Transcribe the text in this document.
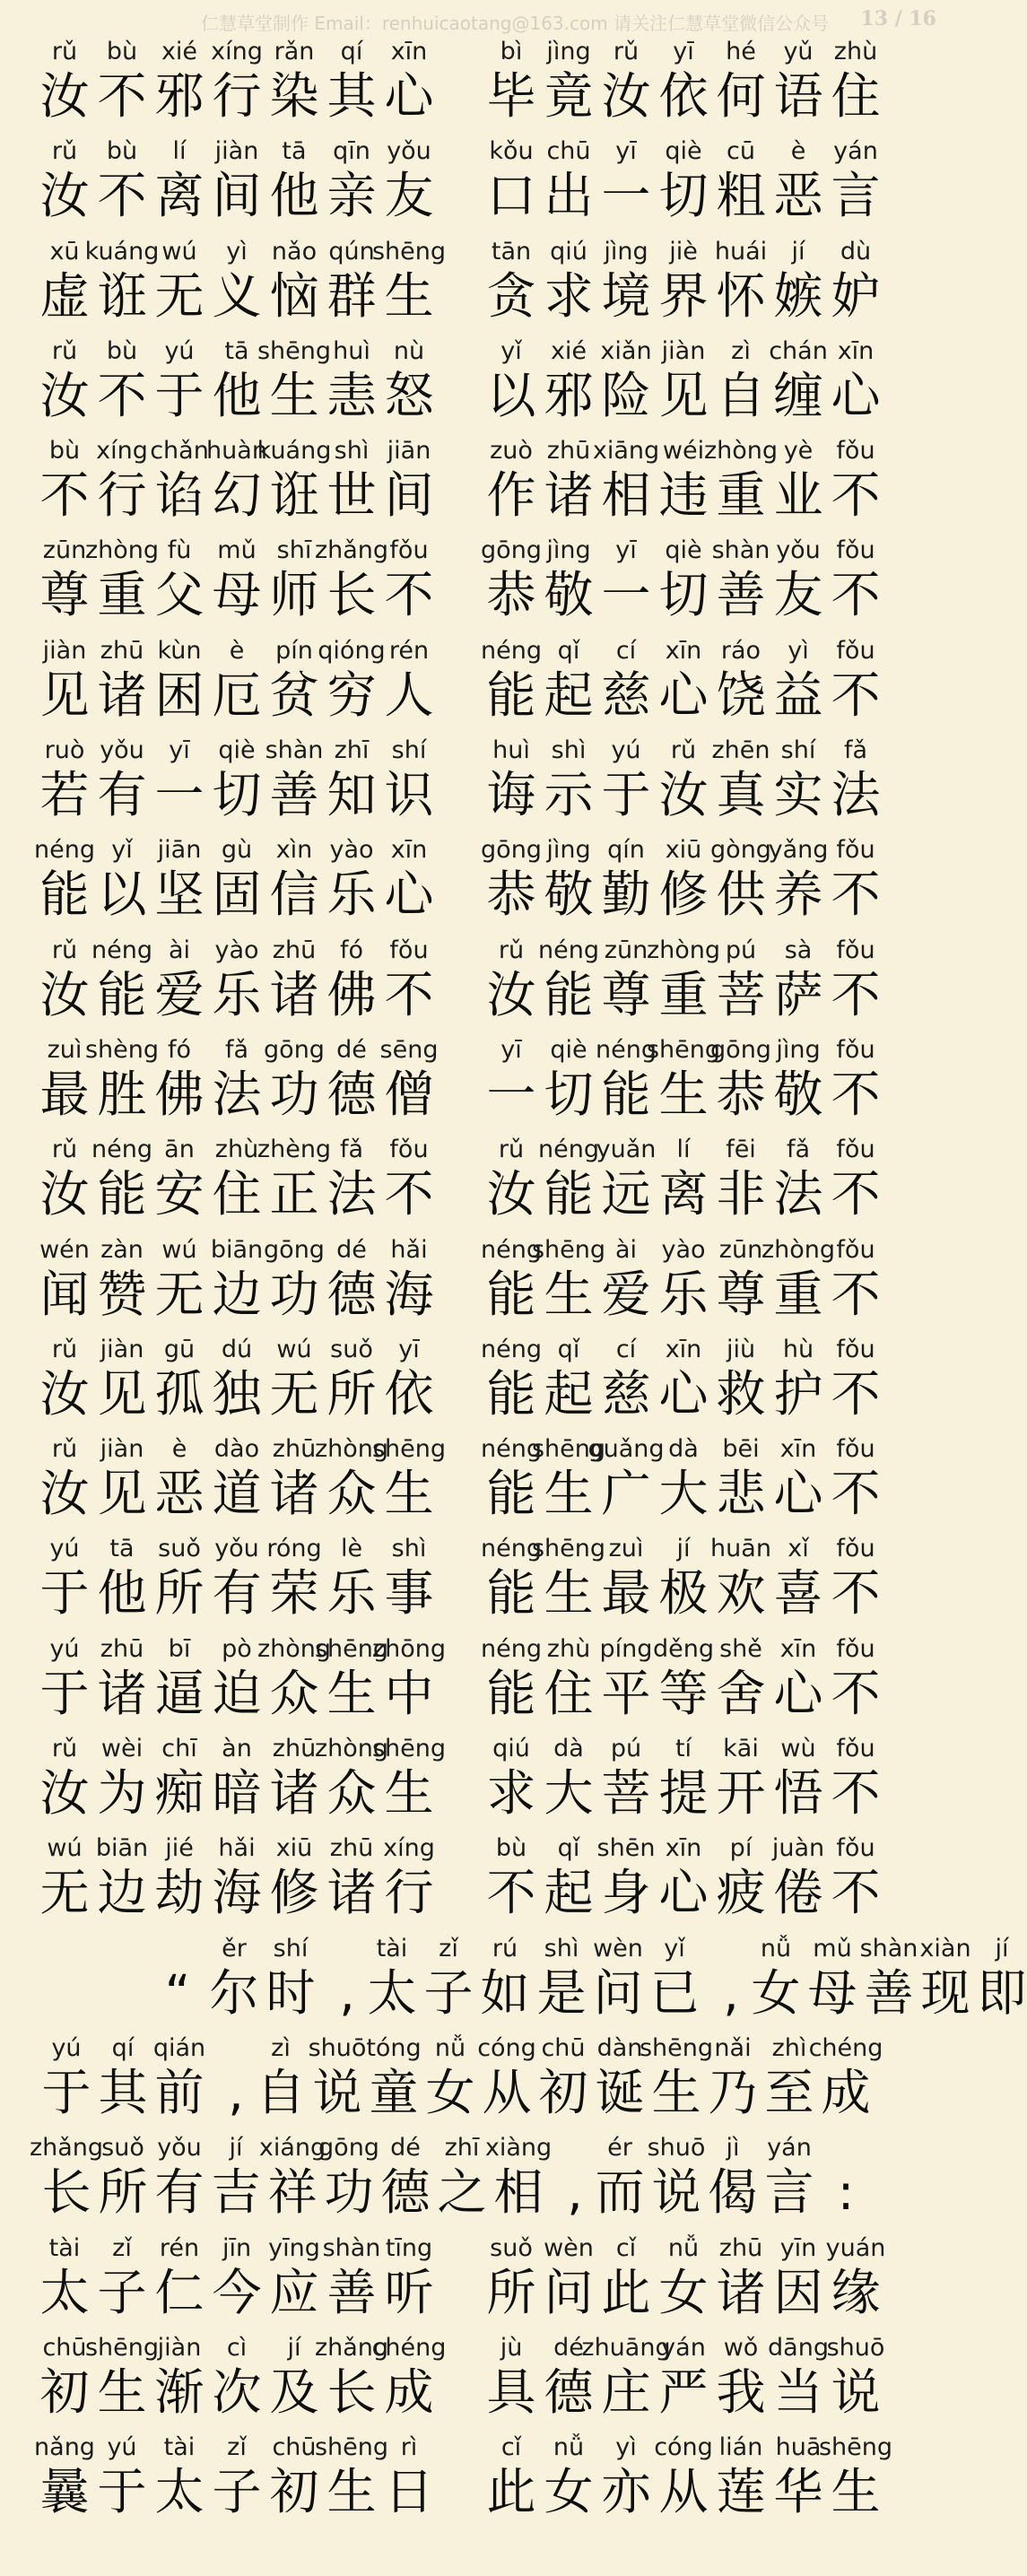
仁慧草堂制作 Email：renhuicaotang@163.com 请关注仁慧草堂微信公众号 13 / 16
rǔ
汝
bù
不
xié
邪
xíng
行
rǎn
染
qí
其
xīn
心
bì
毕
jìng
竟
rǔ
汝
yī
依
hé
何
yǔ
语
zhù
住
rǔ
汝
bù
不
lí
离
jiàn
间
tā
他
qīn
亲
yǒu
友
kǒu
口
chū
出
yī
一
qiè
切
cū
粗
è
恶
yán
言
xū
虚
kuáng
诳
wú
无
yì
义
nǎo
恼
qún
群
shēng
生
tān
贪
qiú
求
jìng
境
jiè
界
huái
怀
jí
嫉
dù
妒
rǔ
汝
bù
不
yú
于
tā
他
shēng
生
huì
恚
nù
怒
yǐ
以
xié
邪
xiǎn
险
jiàn
见
zì
自
chán
缠
xīn
心
bù
不
xíng
行
chǎn
谄
huàn
幻
kuáng
诳
shì
世
jiān
间
zuò
作
zhū
诸
xiāng
相
wéi
违
zhòng
重
yè
业
fǒu
不
zūn
尊
zhòng
重
fù
父
mǔ
母
shī
师
zhǎng
长
fǒu
不
gōng
恭
jìng
敬
yī
一
qiè
切
shàn
善
yǒu
友
fǒu
不
jiàn
见
zhū
诸
kùn
困
è
厄
pín
贫
qióng
穷
rén
人
néng
能
qǐ
起
cí
慈
xīn
心
ráo
饶
yì
益
fǒu
不
ruò
若
yǒu
有
yī
一
qiè
切
shàn
善
zhī
知
shí
识
huì
诲
shì
示
yú
于
rǔ
汝
zhēn
真
shí
实
fǎ
法
néng
能
yǐ
以
jiān
坚
gù
固
xìn
信
yào
乐
xīn
心
gōng
恭
jìng
敬
qín
勤
xiū
修
gòng
供
yǎng
养
fǒu
不
rǔ
汝
néng
能
ài
爱
yào
乐
zhū
诸
fó
佛
fǒu
不
rǔ
汝
néng
能
zūn
尊
zhòng
重
pú
菩
sà
萨
fǒu
不
zuì
最
shèng
胜
fó
佛
fǎ
法
gōng
功
dé
德
sēng
僧
yī
一
qiè
切
néng
能
shēng
生
gōng
恭
jìng
敬
fǒu
不
rǔ
汝
néng
能
ān
安
zhù
住
zhèng
正
fǎ
法
fǒu
不
rǔ
汝
néng
能
yuǎn
远
lí
离
fēi
非
fǎ
法
fǒu
不
wén
闻
zàn
赞
wú
无
biān
边
gōng
功
dé
德
hǎi
海
néng
能
shēng
生
ài
爱
yào
乐
zūn
尊
zhòng
重
fǒu
不
rǔ
汝
jiàn
见
gū
孤
dú
独
wú
无
suǒ
所
yī
依
néng
能
qǐ
起
cí
慈
xīn
心
jiù
救
hù
护
fǒu
不
rǔ
汝
jiàn
见
è
恶
dào
道
zhū
诸
zhòng
众
shēng
生
néng
能
shēng
生
guǎng
广
dà
大
bēi
悲
xīn
心
fǒu
不
yú
于
tā
他
suǒ
所
yǒu
有
róng
荣
lè
乐
shì
事
néng
能
shēng
生
zuì
最
jí
极
huān
欢
xǐ
喜
fǒu
不
yú
于
zhū
诸
bī
逼
pò
迫
zhòng
众
shēng
生
zhōng
中
néng
能
zhù
住
píng
平
děng
等
shě
舍
xīn
心
fǒu
不
rǔ
汝
wèi
为
chī
痴
àn
暗
zhū
诸
zhòng
众
shēng
生
qiú
求
dà
大
pú
菩
tí
提
kāi
开
wù
悟
fǒu
不
wú
无
biān
边
jié
劫
hǎi
海
xiū
修
zhū
诸
xíng
行
bù
不
qǐ
起
shēn
身
xīn
心
pí
疲
juàn
倦
fǒu
不
“
ěr
尔
shí
时 ,
tài
太
zǐ
子
rú
如
shì
是
wèn
问
yǐ
已 ,
nǚ
女
mǔ
母
shàn
善
xiàn
现
jí
即
yú
于
qí
其
qián
前 ,
zì
自
shuō
说
tóng
童
nǚ
女
cóng
从
chū
初
dàn
诞
shēng
生
nǎi
乃
zhì
至
chéng
成
zhǎng
长
suǒ
所
yǒu
有
jí
吉
xiáng
祥
gōng
功
dé
德
zhī
之
xiàng
相 ,
ér
而
shuō
说
jì
偈
yán
言 :
tài
太
zǐ
子
rén
仁
jīn
今
yīng
应
shàn
善
tīng
听
suǒ
所
wèn
问
cǐ
此
nǚ
女
zhū
诸
yīn
因
yuán
缘
chū
初
shēng
生
jiàn
渐
cì
次
jí
及
zhǎng
长
chéng
成
jù
具
dé
德
zhuāng
庄
yán
严
wǒ
我
dāng
当
shuō
说
nǎng
曩
yú
于
tài
太
zǐ
子
chū
初
shēng
生
rì
日
cǐ
此
nǚ
女
yì
亦
cóng
从
lián
莲
huā
华
shēng
生
